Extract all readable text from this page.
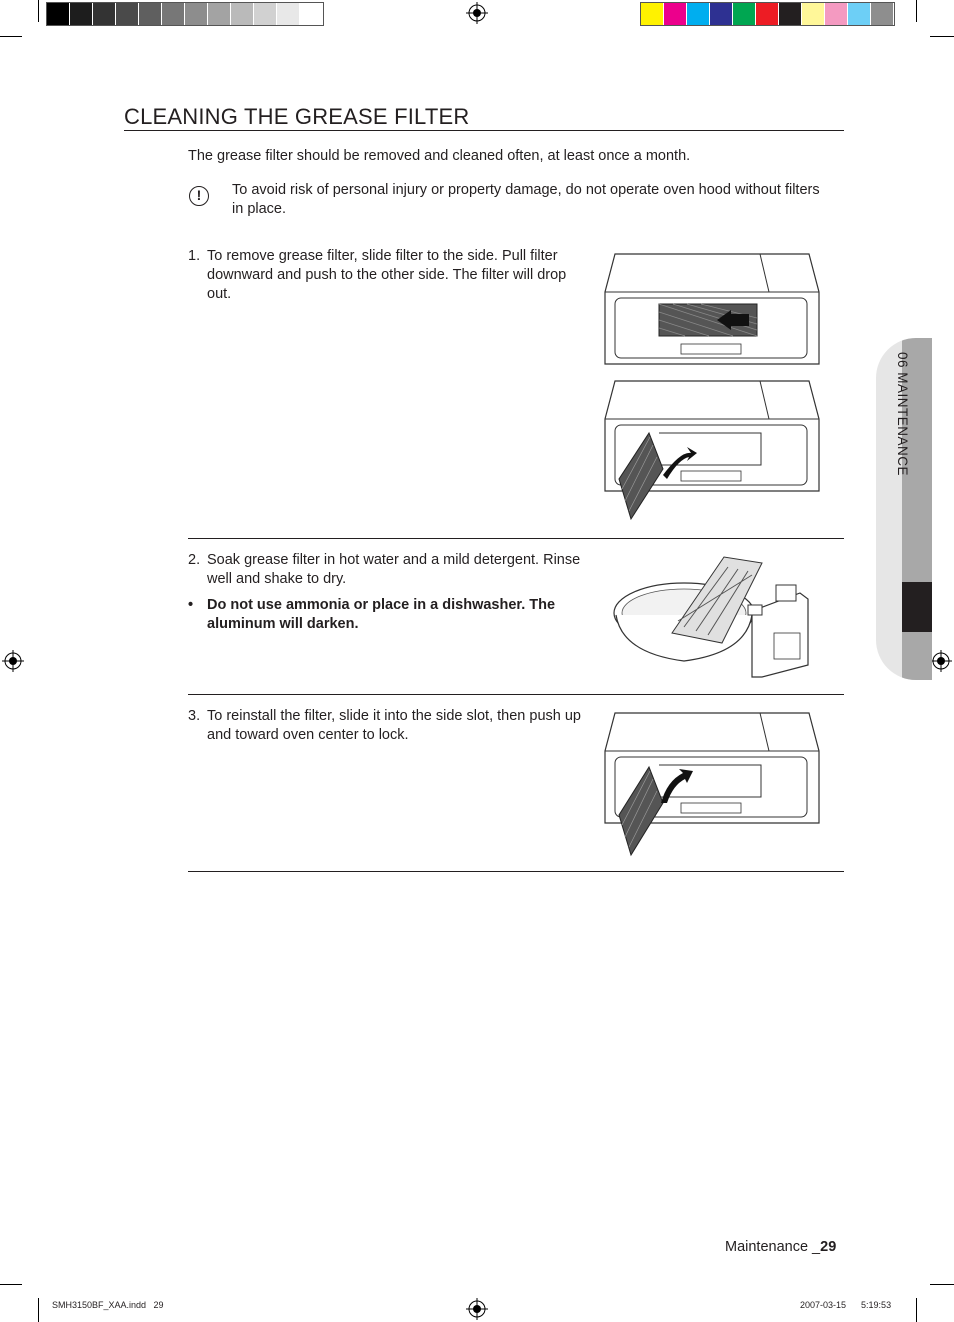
CLEANING THE GREASE FILTER
The grease filter should be removed and cleaned often, at least once a month.
!	To avoid risk of personal injury or property damage, do not operate oven hood without filters in place.
1. To remove grease filter, slide filter to the side. Pull filter downward and push to the other side. The filter will drop out.
2. Soak grease filter in hot water and a mild detergent. Rinse well and shake to dry.
• Do not use ammonia or place in a dishwasher. The aluminum will darken.
3. To reinstall the filter, slide it into the side slot, then push up and toward oven center to lock.
06 MAINTENANCE
Maintenance _29
SMH3150BF_XAA.indd   29	2007-03-15      5:19:53
